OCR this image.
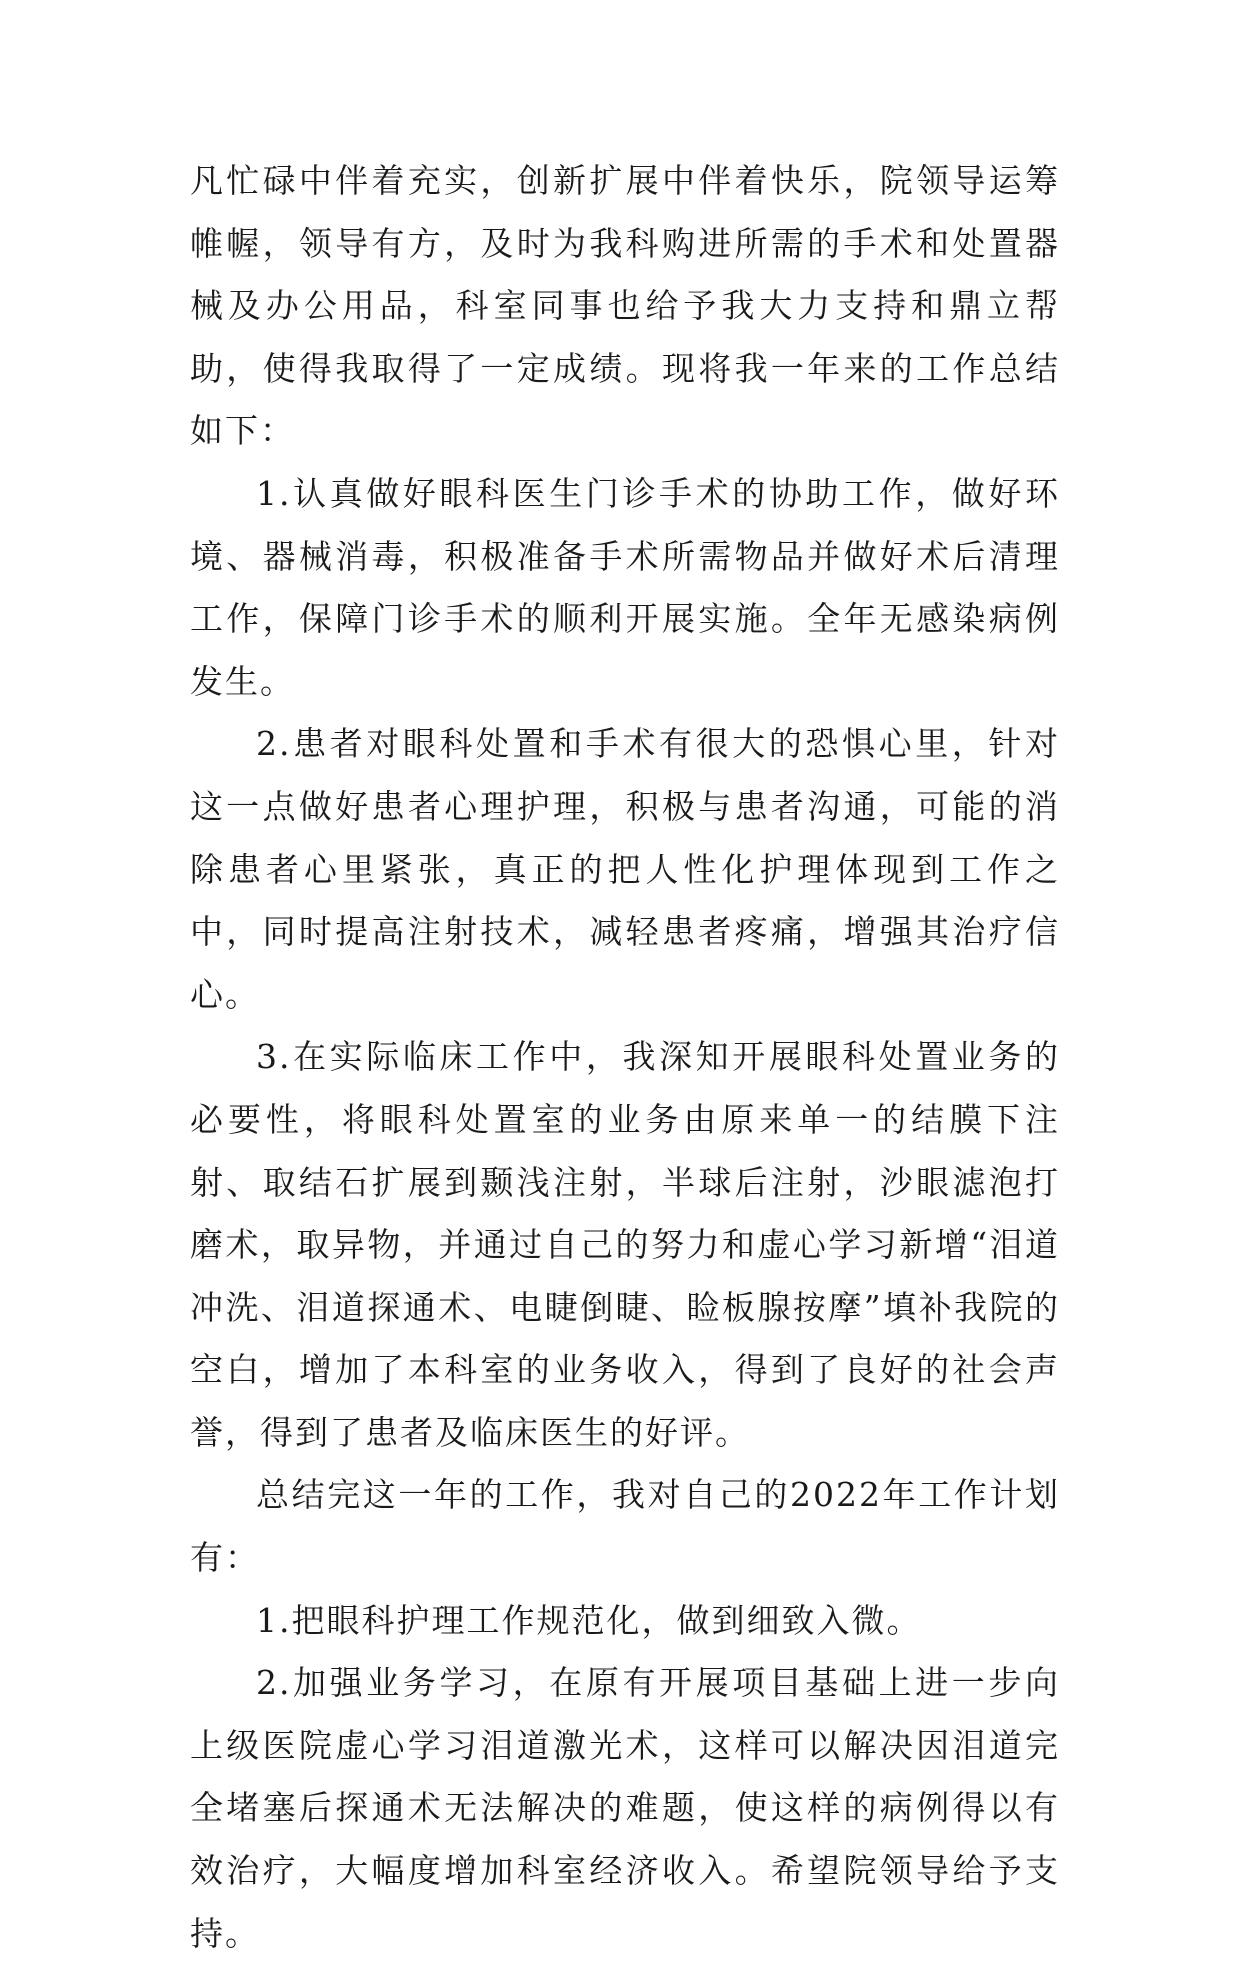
凡忙碌中伴着充实，创新扩展中伴着快乐，院领导运筹帷幄，领导有方，及时为我科购进所需的手术和处置器械及办公用品，科室同事也给予我大力支持和鼎立帮助，使得我取得了一定成绩。现将我一年来的工作总结如下：

1.认真做好眼科医生门诊手术的协助工作，做好环境、器械消毒，积极准备手术所需物品并做好术后清理工作，保障门诊手术的顺利开展实施。全年无感染病例发生。

2.患者对眼科处置和手术有很大的恐惧心里，针对这一点做好患者心理护理，积极与患者沟通，可能的消除患者心里紧张，真正的把人性化护理体现到工作之中，同时提高注射技术，减轻患者疼痛，增强其治疗信心。

3.在实际临床工作中，我深知开展眼科处置业务的必要性，将眼科处置室的业务由原来单一的结膜下注射、取结石扩展到颞浅注射，半球后注射，沙眼滤泡打磨术，取异物，并通过自己的努力和虚心学习新增“泪道冲洗、泪道探通术、电睫倒睫、睑板腺按摩”填补我院的空白，增加了本科室的业务收入，得到了良好的社会声誉，得到了患者及临床医生的好评。

总结完这一年的工作，我对自己的2022年工作计划有：

1.把眼科护理工作规范化，做到细致入微。

2.加强业务学习，在原有开展项目基础上进一步向上级医院虚心学习泪道激光术，这样可以解决因泪道完全堵塞后探通术无法解决的难题，使这样的病例得以有效治疗，大幅度增加科室经济收入。希望院领导给予支持。
